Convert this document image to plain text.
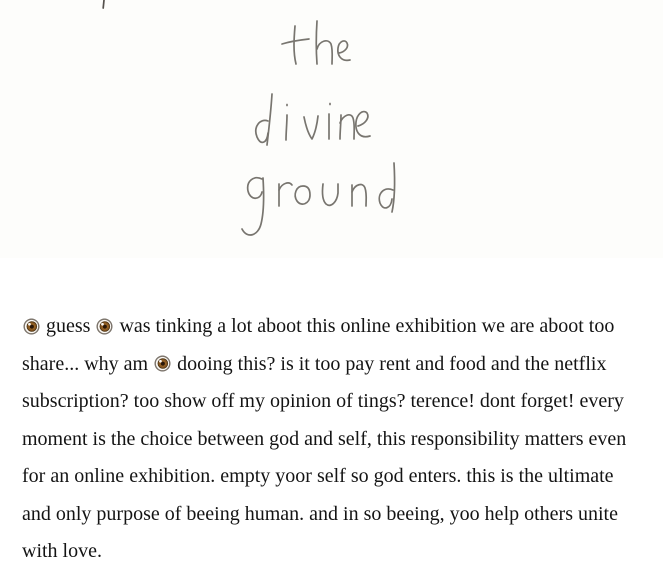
guess  was tinking a lot aboot this online exhibition we are aboot too
share... why am  dooing this? is it too pay rent and food and the netflix
subscription? too show off my opinion of tings? terence! dont forget! every
moment is the choice between god and self, this responsibility matters even
for an online exhibition. empty yoor self so god enters. this is the ultimate
and only purpose of beeing human. and in so beeing, yoo help others unite
with love.
